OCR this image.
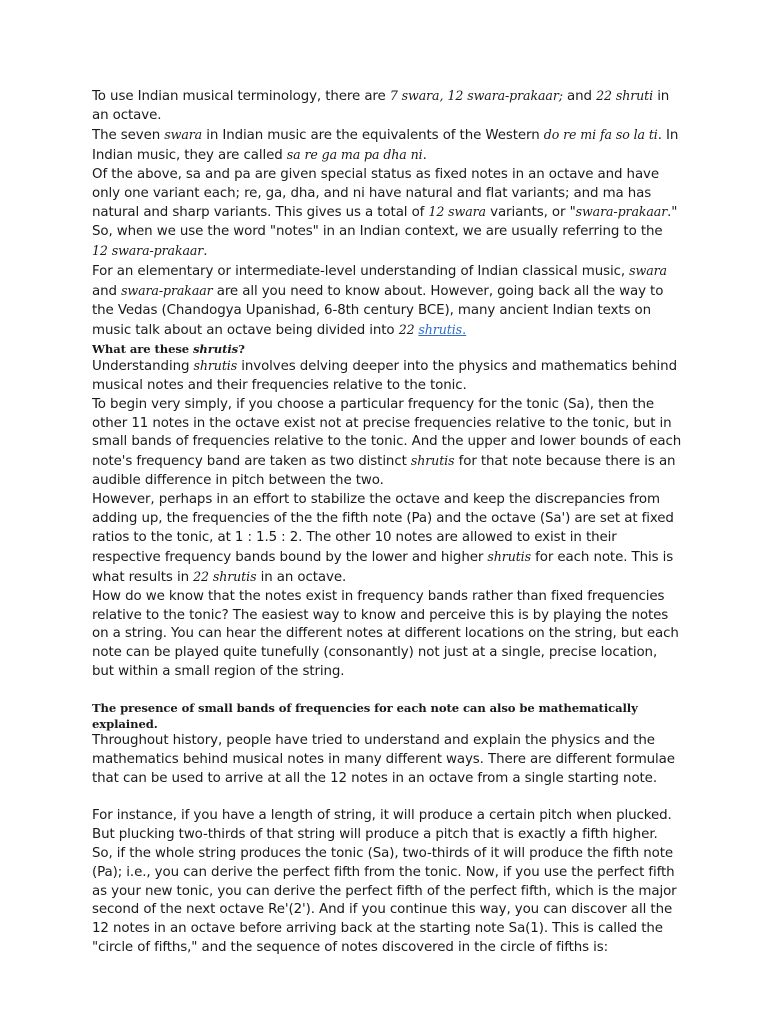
To use Indian musical terminology, there are 7 swara, 12 swara-prakaar; and 22 shruti in an octave.

The seven swara in Indian music are the equivalents of the Western do re mi fa so la ti. In Indian music, they are called sa re ga ma pa dha ni.

Of the above, sa and pa are given special status as fixed notes in an octave and have only one variant each; re, ga, dha, and ni have natural and flat variants; and ma has natural and sharp variants. This gives us a total of 12 swara variants, or "swara-prakaar." So, when we use the word "notes" in an Indian context, we are usually referring to the 12 swara-prakaar.

For an elementary or intermediate-level understanding of Indian classical music, swara and swara-prakaar are all you need to know about. However, going back all the way to the Vedas (Chandogya Upanishad, 6-8th century BCE), many ancient Indian texts on music talk about an octave being divided into 22 shrutis.

What are these shrutis?

Understanding shrutis involves delving deeper into the physics and mathematics behind musical notes and their frequencies relative to the tonic.

To begin very simply, if you choose a particular frequency for the tonic (Sa), then the other 11 notes in the octave exist not at precise frequencies relative to the tonic, but in small bands of frequencies relative to the tonic. And the upper and lower bounds of each note's frequency band are taken as two distinct shrutis for that note because there is an audible difference in pitch between the two.

However, perhaps in an effort to stabilize the octave and keep the discrepancies from adding up, the frequencies of the the fifth note (Pa) and the octave (Sa') are set at fixed ratios to the tonic, at 1 : 1.5 : 2. The other 10 notes are allowed to exist in their respective frequency bands bound by the lower and higher shrutis for each note. This is what results in 22 shrutis in an octave.

How do we know that the notes exist in frequency bands rather than fixed frequencies relative to the tonic? The easiest way to know and perceive this is by playing the notes on a string. You can hear the different notes at different locations on the string, but each note can be played quite tunefully (consonantly) not just at a single, precise location, but within a small region of the string.

The presence of small bands of frequencies for each note can also be mathematically explained.

Throughout history, people have tried to understand and explain the physics and the mathematics behind musical notes in many different ways. There are different formulae that can be used to arrive at all the 12 notes in an octave from a single starting note.

For instance, if you have a length of string, it will produce a certain pitch when plucked. But plucking two-thirds of that string will produce a pitch that is exactly a fifth higher. So, if the whole string produces the tonic (Sa), two-thirds of it will produce the fifth note (Pa); i.e., you can derive the perfect fifth from the tonic. Now, if you use the perfect fifth as your new tonic, you can derive the perfect fifth of the perfect fifth, which is the major second of the next octave Re'(2'). And if you continue this way, you can discover all the 12 notes in an octave before arriving back at the starting note Sa(1). This is called the "circle of fifths," and the sequence of notes discovered in the circle of fifths is:
